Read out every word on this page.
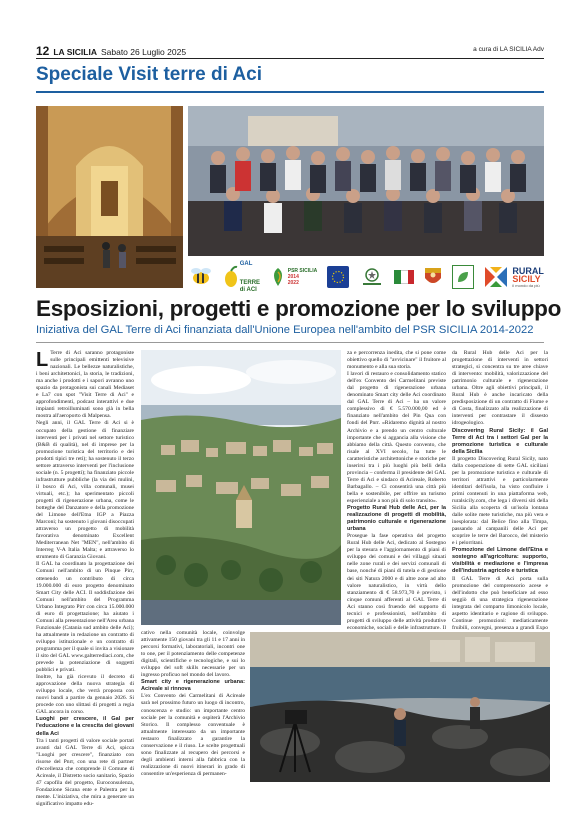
12 LA SICILIA Sabato 26 Luglio 2025	a cura di LA SICILIA Adv
Speciale Visit terre di Aci

GAL

TERRE
di ACI

PSR SICILIA
2014
2022
RURAL
SICILY
il mondo da più
Esposizioni, progetti e promozione per lo sviluppo
Iniziativa del GAL Terre di Aci finanziata dall'Unione Europea nell'ambito del PSR SICILIA 2014-2022

L Terre di Aci saranno protagoniste sulle principali emittenti televisive nazionali. Le bellezze naturalistiche, i beni architettonici, la storia, le tradizioni, ma anche i prodotti e i sapori avranno uno spazio da protagonista sui canali Mediaset e La7 con spot "Visit Terre di Aci" e approfondimenti, podcast interattivi e due impianti retroilluminati sono già in bella mostra all'aeroporto di Malpensa.

Negli anni, il GAL Terre di Aci si è occupato della gestione di finanziare interventi per i privati nel settore turistico (B&B di qualità), nel di imprese per la promozione turistica del territorio e dei prodotti tipici tre reti); ha sostenuto il terzo settore attraverso interventi per l'inclusione sociale (n. 5 progetti); ha finanziato piccole infrastrutture pubbliche (la via dei mulini, il bosco di Aci, villa comunali, musei virtuali, etc.); ha sperimentato piccoli progetti di rigenerazione urbana, come le botteghe del Danzatore e della promozione del Limone dell'Etna IGP a Piazza Marconi; ha sostenuto i giovani disoccupati attraverso un progetto di mobilità favorativa denominato Excellent Mediterranean Net "MEN", nell'ambito di Interreg V-A Italia Malta; e attraverso lo strumento di Garanzia Giovani.

Il GAL ha coordinato la progettazione dei Comuni nell'ambito di un Pinque Pirr, ottenendo un contributo di circa 19.000.000 di euro progetto denominato Smart City delle ACI. Il soddisfazione dei Comuni nell'ambito del Programma Urbano Integrato Pirr con circa 15.000.000 di euro di progettazione; ha aiutato i Comuni alla presentazione nell'Area urbana Funzionale (Catania sud ambito delle Aci); ha attualmente in redazione un contratto di sviluppo istituzionale e un contratto di programma per il quale si invita a visionare il sito del GAL www.galterrediaci.com, che prevede la potenziazione di soggetti pubblici e privati.

Inoltre, ha già ricevuto il decreto di approvazione della nuova strategia di sviluppo locale, che verrà proposta con nuovi bandi a partire da gennaio 2026. Si procede con uno slittasi di progetti a regia GAL ancora in corso.

Luoghi per crescere, il Gal per l'educazione e la crescita dei giovani della Aci

Tra i tanti progetti di valore sociale portati avanti dal GAL Terre di Aci, spicca "Luoghi per crescere", finanziato con risorse del Pnrr, con una rete di partner d'eccellenza che comprende il Comune di Acireale, il Distretto socio sanitario, Spazio 47 capofila del progetto, Euroconsulenza, Fondazione Sicana ente e Palestra per la mente. L'iniziativa, che mira a generare un significativo impatto edu-

cativo nella comunità locale, coinvolge attivamente 150 giovani tra gli 11 e 17 anni in percorsi formativi, laboratoriali, incontri one to one, per il potenziamento delle competenze digitali, scientifiche e tecnologiche, e sui lo sviluppo del soft skills necessarie per un ingresso proficuo nel mondo del lavoro.

Smart city e rigenerazione urbana: Acireale si rinnova

L'ex Convento dei Carmelitani di Acireale sarà nel prossimo futuro un luogo di incontro, conoscenza e studio: un importante centro sociale per la comunità e ospiterà l'Archivio Storico. Il complesso conventuale è attualmente interessato da un importante restauro finalizzato a garantire la conservazione e il riuso. Le scelte progettuali sono finalizzate al recupero dei percorsi e degli ambienti interni alla fabbrica con la realizzazione di nuovi itinerari in grado di consentire un'esperienza di permanen-

za e percorrenza inedita, che si pone come obiettivo quello di "avvicinare" il fruitore al monumento e alla sua storia.

I lavori di restauro e consolidamento statico dell'ex Convento dei Carmelitani previste dal progetto di rigenerazione urbana denominato Smart city delle Aci coordinato dal GAL Terre di Aci – ha un valore complessivo di € 5.570.000,00 ed è finanziato nell'ambito del Pin Qua con fondi del Pnrr. «Ridaremo dignità al nostro Archivio e a prendo un centro culturale importante che si aggancia alla visione che abbiamo della città. Questo convento, che risale al XVI secolo, ha tutte le caratteristiche architettoniche e storiche per inserirsi tra i più luoghi più belli della provincia – conferma il presidente del GAL Terre di Aci e sindaco di Acireale, Roberto Barbagallo. – Ci consentirà una città più bella e sostenibile, per offrire un turismo esperienziale a non più di solo transito».

Progetto Rural Hub delle Aci, per la realizzazione di progetti di mobilità, patrimonio culturale e rigenerazione urbana

Prosegue la fase operativa del progetto Rural Hub delle Aci, dedicato al Sostegno per la stesura e l'aggiornamento di piani di sviluppo dei comuni e dei villaggi situati nelle zone rurali e dei servizi comunali di base, nonché di piani di tutela e di gestione dei siti Natura 2000 e di altre zone ad alto valore naturalistico, in virtù dello stanziamento di € 58.973,70 è previsto, i cinque comuni afferenti al GAL Terre di Aci stanno così fruendo del supporto di tecnici e professionisti, nell'ambito di progetti di sviluppo delle attività produttive economiche, sociali e delle infrastrutture. Il

da Rural Hub delle Aci per la progettazione di interventi in settori strategici, si concentra su tre aree chiave di intervento: mobilità, valorizzazione del patrimonio culturale e rigenerazione urbana. Oltre agli obiettivi principali, il Rural Hub è anche incaricato della predisposizione di un contratto di Fiume e di Costa, finalizzato alla realizzazione di interventi per contrastare il dissesto idrogeologico.

Discovering Rural Sicily: il Gal Terre di Aci tra i settori Gal per la promozione turistica e culturale della Sicilia

Il progetto Discovering Rural Sicily, nato dalla cooperazione di sette GAL siciliani per la promozione turistica e culturale di territori attrattivi e particolarmente identitari dell'isola, ha visto confluire i primi contenuti in una piattaforma web, ruralsicily.com, che lega i diversi siti della Sicilia alla scoperta di un'isola lontana dalle solite mete turistiche, ma più vera e inesplorata: dal Belice fino alla Timpa, passando al campanili delle Aci per scoprire le terre del Barocco, del misterio e i pelorritani.

Promozione del Limone dell'Etna e sostegno all'agricoltura: supporto, visibilità e mediazione e l'impresa dell'industria agricolo e turistica

Il GAL Terre di Aci porta sulla promozione del comprensorio acese e dell'indotto che può beneficiare ad esso seggiò di una strategica rigenerazione integrata del comparto limonicolo locale, aspetto identitario e ragione di sviluppo. Continue promozioni: mediaticamente fruibili, convegni, presenza a grandi Expo
